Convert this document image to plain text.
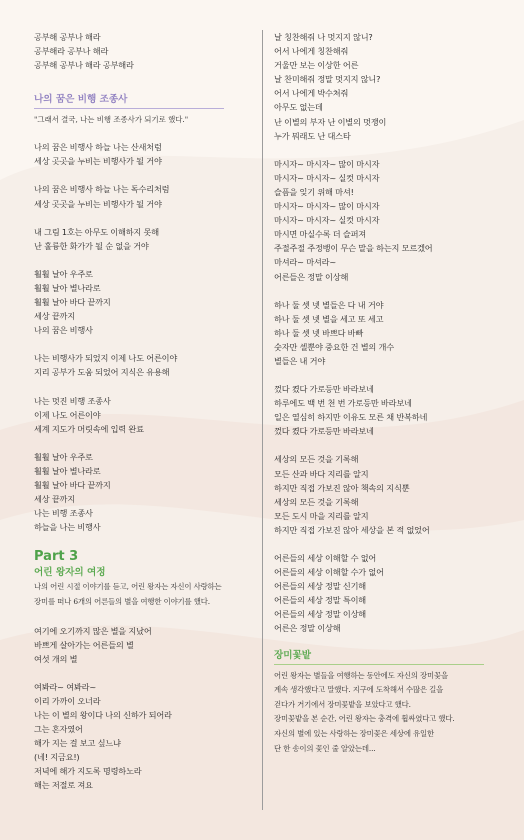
공부해 공부나 해라
공부해라 공부나 해라
공부해 공부나 해라 공부해라
나의 꿈은 비행 조종사
"그래서 결국, 나는 비행 조종사가 되기로 했다."
나의 꿈은 비행사 하늘 나는 산새처럼
세상 곳곳을 누비는 비행사가 될 거야
나의 꿈은 비행사 하늘 나는 독수리처럼
세상 곳곳을 누비는 비행사가 될 거야
내 그림 1호는 아무도 이해하지 못해
난 훌륭한 화가가 될 순 없을 거야
훨훨 날아 우주로
훨훨 날아 별나라로
훨훨 날아 바다 끝까지
세상 끝까지
나의 꿈은 비행사
나는 비행사가 되었지 이제 나도 어른이야
지리 공부가 도움 되었어 지식은 유용해
나는 멋진 비행 조종사
이제 나도 어른이야
세계 지도가 머릿속에 입력 완료
훨훨 날아 우주로
훨훨 날아 별나라로
훨훨 날아 바다 끝까지
세상 끝까지
나는 비행 조종사
하늘을 나는 비행사
Part 3
어린 왕자의 여정
나의 어린 시절 이야기를 듣고, 어린 왕자는 자신이 사랑하는
장미를 떠나 6개의 어른들의 별을 여행한 이야기를 했다.
여기에 오기까지 많은 별을 지났어
바쁘게 살아가는 어른들의 별
여섯 개의 별
여봐라~ 여봐라~
이리 가까이 오너라
나는 이 별의 왕이다 나의 신하가 되어라
그는 혼자였어
해가 지는 걸 보고 싶느냐
(네! 지금요!)
저녁에 해가 지도록 명령하노라
해는 저절로 져요
날 칭찬해줘 나 멋지지 않니?
어서 나에게 칭찬해줘
거울만 보는 이상한 어른
날 찬미해줘 정말 멋지지 않니?
어서 나에게 박수쳐줘
아무도 없는데
난 이별의 부자 난 이별의 멋쟁이
누가 뭐래도 난 대스타
마시자~ 마시자~ 많이 마시자
마시자~ 마시자~ 실컷 마시자
슬픔을 잊기 위해 마셔!
마시자~ 마시자~ 많이 마시자
마시자~ 마시자~ 실컷 마시자
마시면 마실수록 더 슬퍼져
주절주절 주정뱅이 무슨 말을 하는지 모르겠어
마셔라~ 마셔라~
어른들은 정말 이상해
하나 둘 셋 넷 별들은 다 내 거야
하나 둘 셋 넷 별을 세고 또 세고
하나 둘 셋 넷 바쁘다 바빠
숫자만 셀뿐야 중요한 건 별의 개수
별들은 내 거야
껐다 켰다 가로등만 바라보네
하루에도 백 번 천 번 가로등만 바라보네
일은 열심히 하지만 이유도 모른 채 반복하네
껐다 켰다 가로등만 바라보네
세상의 모든 것을 기록해
모든 산과 바다 지리를 알지
하지만 직접 가보진 않아 책속의 지식뿐
세상의 모든 것을 기록해
모든 도시 마을 지리를 알지
하지만 직접 가보진 않아 세상을 본 적 없었어
어른들의 세상 이해할 수 없어
어른들의 세상 이해할 수가 없어
어른들의 세상 정말 신기해
어른들의 세상 정말 특이해
어른들의 세상 정말 이상해
어른은 정말 이상해
장미꽃밭
어린 왕자는 별들을 여행하는 동안에도 자신의 장미꽃을
계속 생각했다고 말했다. 지구에 도착해서 수많은 길을
걷다가 거기에서 장미꽃밭을 보았다고 했다.
장미꽃밭을 본 순간, 어린 왕자는 충격에 휩싸였다고 했다.
자신의 별에 있는 사랑하는 장미꽃은 세상에 유일한
단 한 송이의 꽃인 줄 알았는데...
